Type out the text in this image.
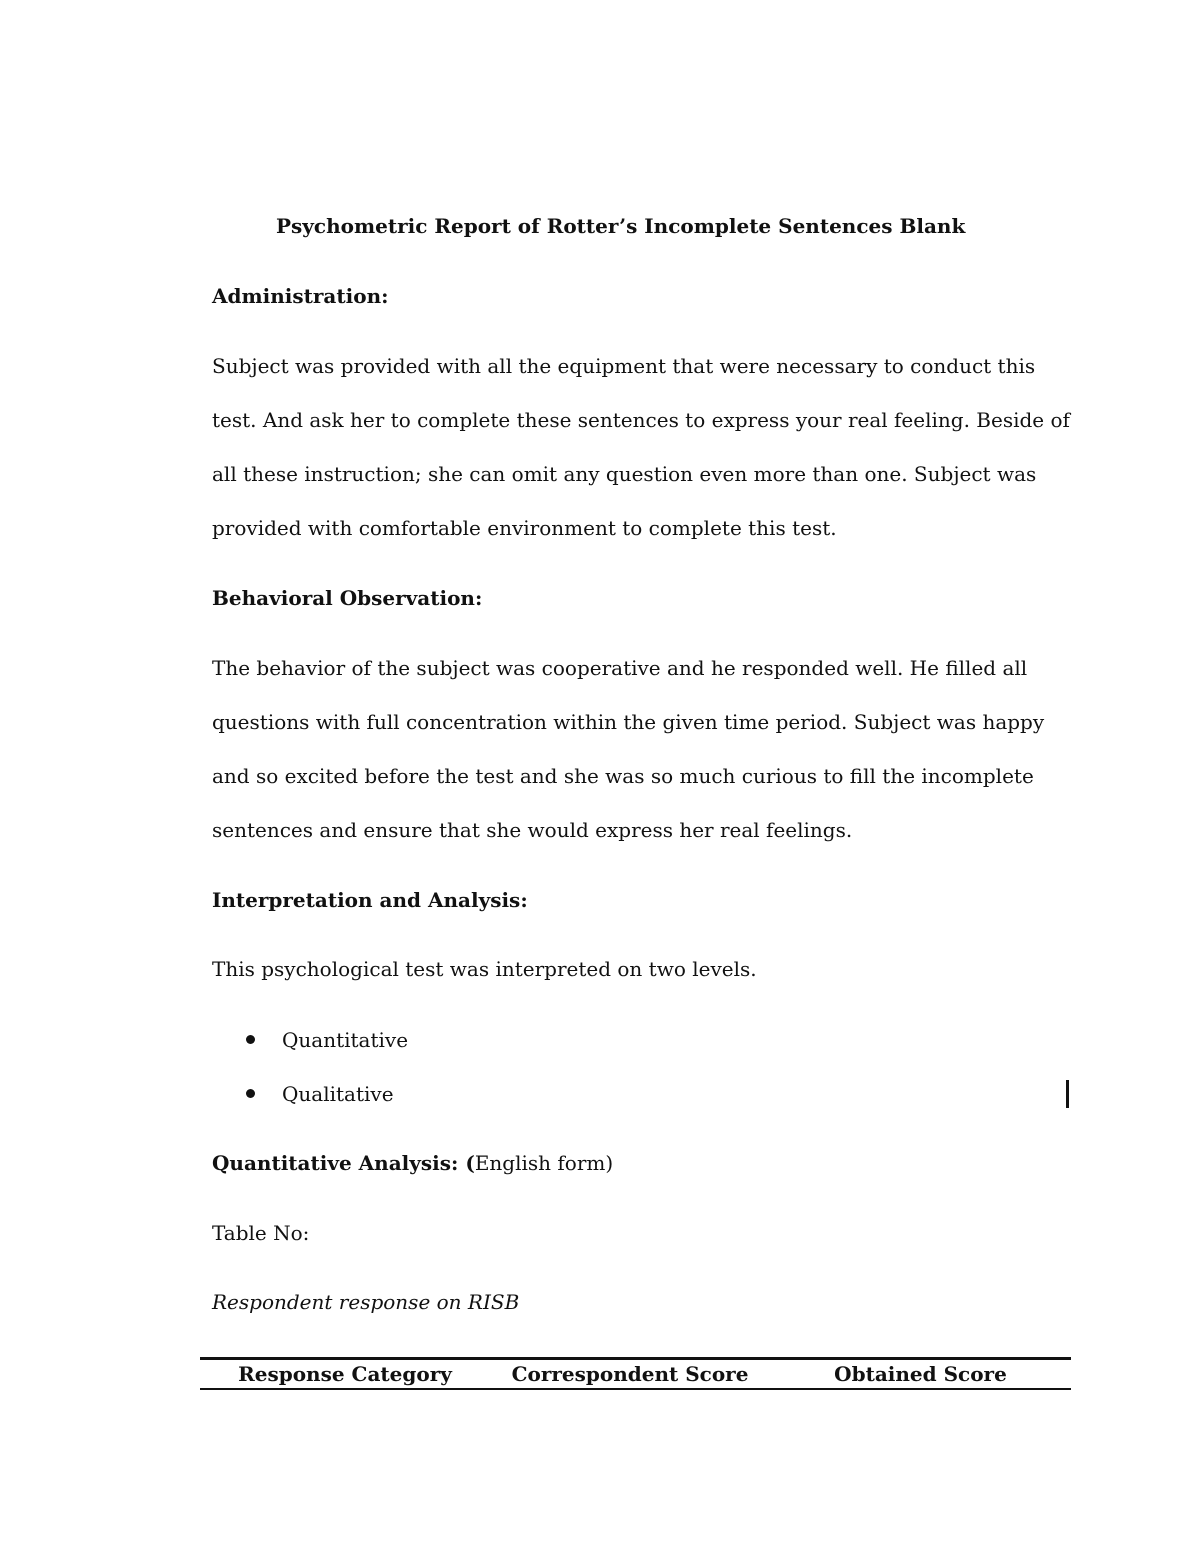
Psychometric Report of Rotter’s Incomplete Sentences Blank
Administration:
Subject was provided with all the equipment that were necessary to conduct this test. And ask her to complete these sentences to express your real feeling. Beside of all these instruction; she can omit any question even more than one. Subject was provided with comfortable environment to complete this test.
Behavioral Observation:
The behavior of the subject was cooperative and he responded well. He filled all questions with full concentration within the given time period. Subject was happy and so excited before the test and she was so much curious to fill the incomplete sentences and ensure that she would express her real feelings.
Interpretation and Analysis:
This psychological test was interpreted on two levels.
Quantitative
Qualitative
Quantitative Analysis: (English form)
Table No:
Respondent response on RISB
Response Category	Correspondent Score	Obtained Score
